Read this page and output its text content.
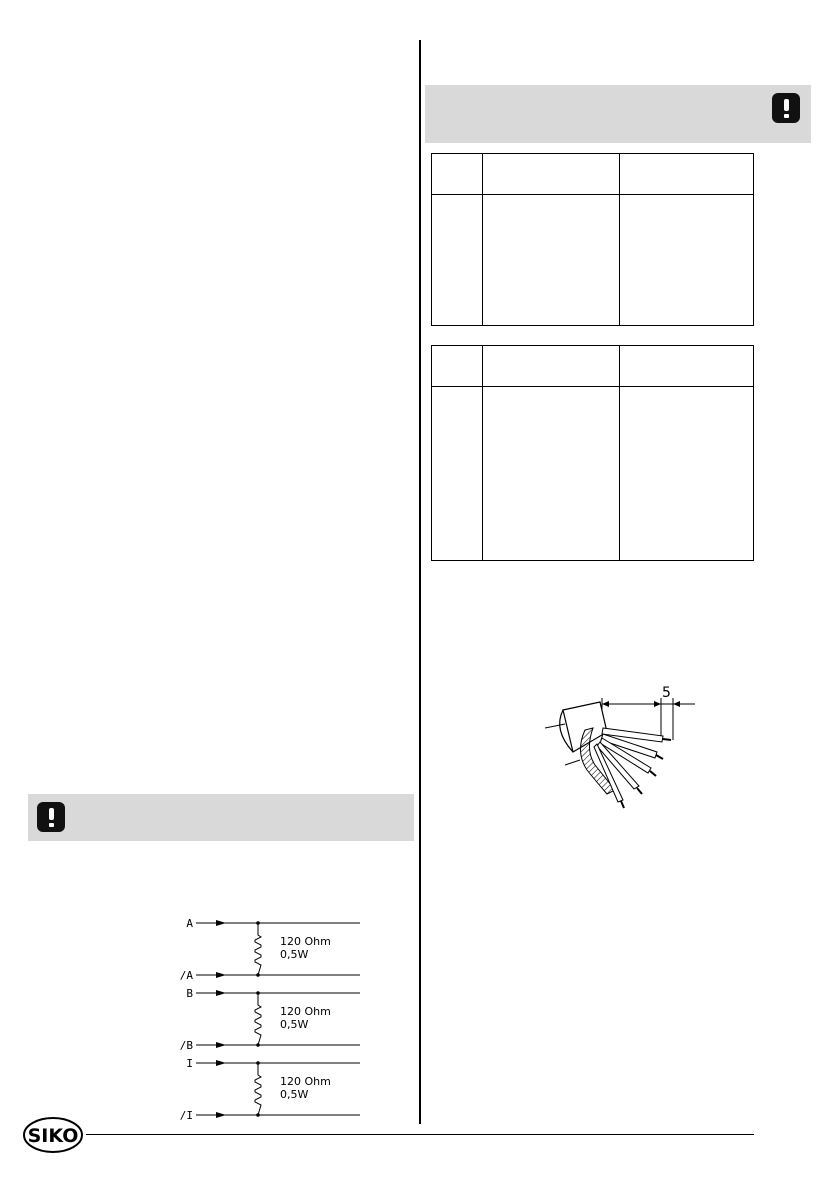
5
A
/A
120 Ohm
0,5W
B
/B
120 Ohm
0,5W
I
/I
120 Ohm
0,5W
SIKO
